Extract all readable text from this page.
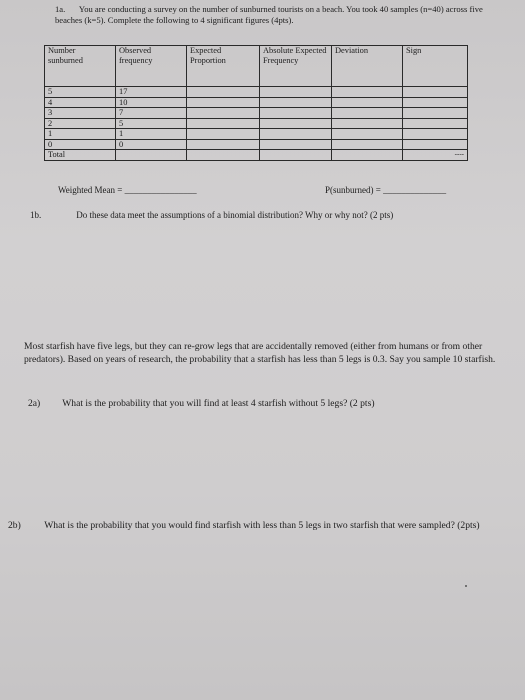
1a. You are conducting a survey on the number of sunburned tourists on a beach. You took 40 samples (n=40) across five beaches (k=5). Complete the following to 4 significant figures (4pts).
Number sunburned	Observed frequency	Expected Proportion	Absolute Expected Frequency	Deviation	Sign
5	17				
4	10				
3	7				
2	5				
1	1				
0	0				
Total					----
Weighted Mean = ________________	P(sunburned) = ______________
1b.	Do these data meet the assumptions of a binomial distribution? Why or why not? (2 pts)
Most starfish have five legs, but they can re-grow legs that are accidentally removed (either from humans or from other predators). Based on years of research, the probability that a starfish has less than 5 legs is 0.3. Say you sample 10 starfish.
2a) What is the probability that you will find at least 4 starfish without 5 legs? (2 pts)
2b) What is the probability that you would find starfish with less than 5 legs in two starfish that were sampled? (2pts)
